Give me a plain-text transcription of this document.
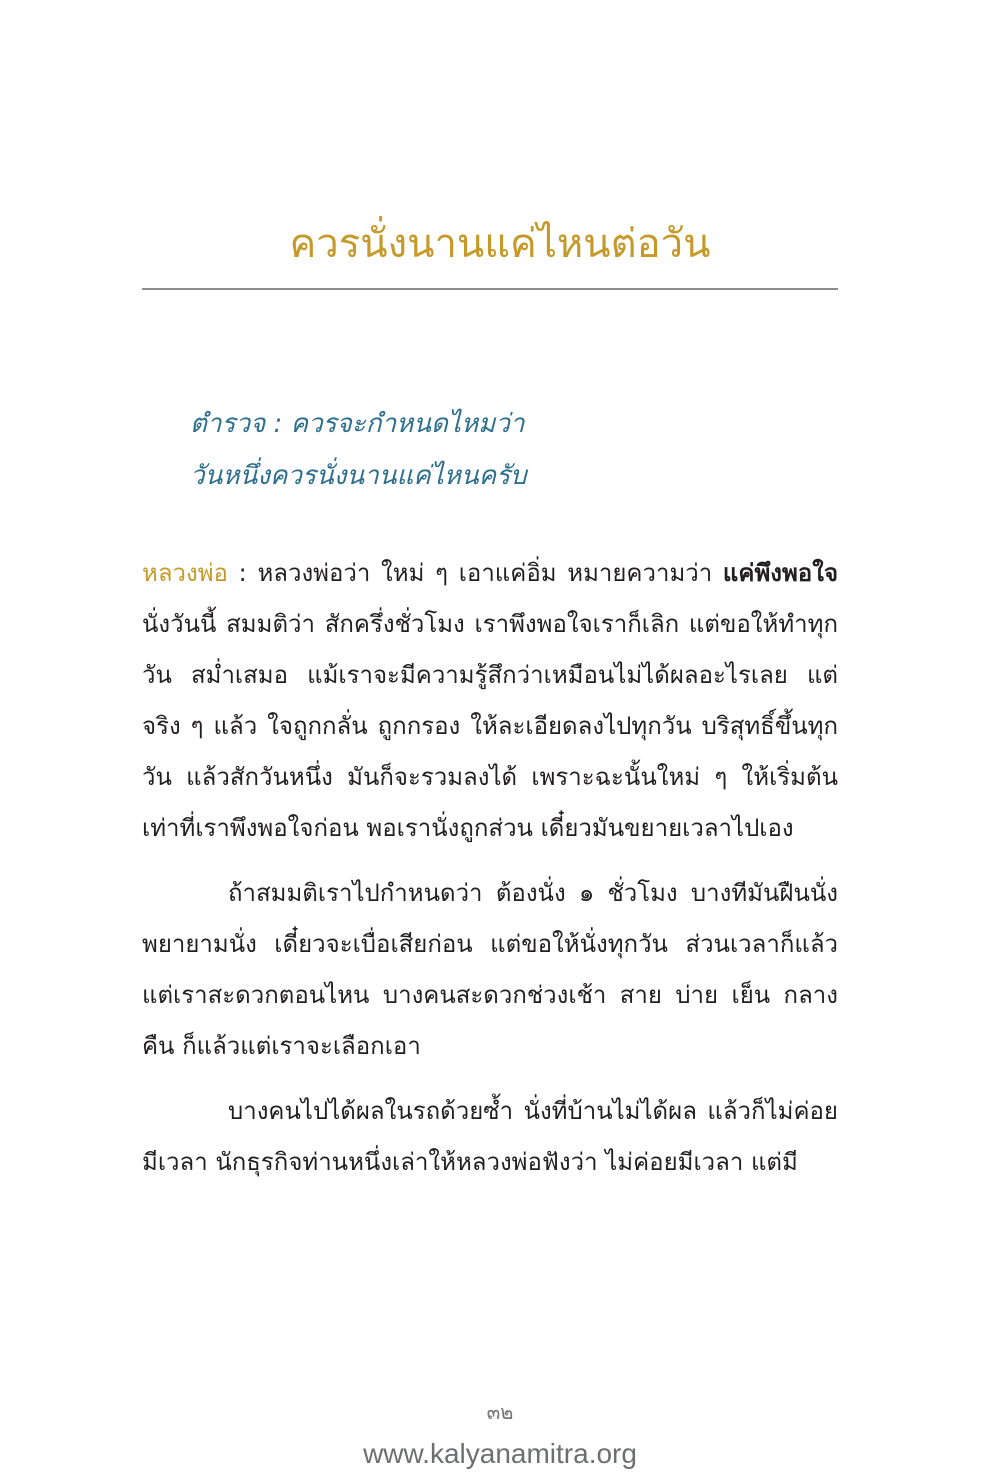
ควรนั่งนานแค่ไหนต่อวัน
ตำรวจ : ควรจะกำหนดไหมว่า
วันหนึ่งควรนั่งนานแค่ไหนครับ

หลวงพ่อ : หลวงพ่อว่า ใหม่ ๆ เอาแค่อิ่ม หมายความว่า แค่พึงพอใจ นั่งวันนี้ สมมติว่า สักครึ่งชั่วโมง เราพึงพอใจเราก็เลิก แต่ขอให้ทำทุกวัน สม่ำเสมอ แม้เราจะมีความรู้สึกว่าเหมือนไม่ได้ผลอะไรเลย แต่จริง ๆ แล้ว ใจถูกกลั่น ถูกกรอง ให้ละเอียดลงไปทุกวัน บริสุทธิ์ขึ้นทุกวัน แล้วสักวันหนึ่ง มันก็จะรวมลงได้ เพราะฉะนั้นใหม่ ๆ ให้เริ่มต้นเท่าที่เราพึงพอใจก่อน พอเรานั่งถูกส่วน เดี๋ยวมันขยายเวลาไปเอง

ถ้าสมมติเราไปกำหนดว่า ต้องนั่ง ๑ ชั่วโมง บางทีมันฝืนนั่ง พยายามนั่ง เดี๋ยวจะเบื่อเสียก่อน แต่ขอให้นั่งทุกวัน ส่วนเวลาก็แล้วแต่เราสะดวกตอนไหน บางคนสะดวกช่วงเช้า สาย บ่าย เย็น กลางคืน ก็แล้วแต่เราจะเลือกเอา

บางคนไปได้ผลในรถด้วยซ้ำ นั่งที่บ้านไม่ได้ผล แล้วก็ไม่ค่อยมีเวลา นักธุรกิจท่านหนึ่งเล่าให้หลวงพ่อฟังว่า ไม่ค่อยมีเวลา แต่มี

๓๒
www.kalyanamitra.org
